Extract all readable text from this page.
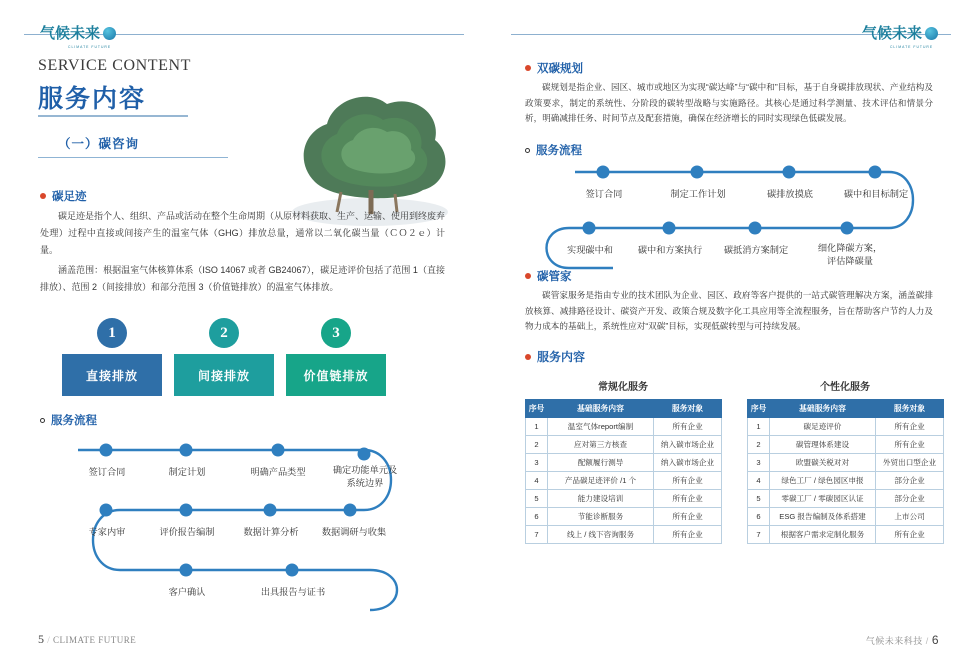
气候未来
CLIMATE FUTURE
SERVICE CONTENT
服务内容
（一）碳咨询
碳足迹
碳足迹是指个人、组织、产品或活动在整个生命周期（从原材料获取、生产、运输、使用到终废弃处理）过程中直接或间接产生的温室气体（GHG）排放总量，通常以二氧化碳当量（ＣＯ２ｅ）计量。
涵盖范围：根据温室气体核算体系（ISO 14067 或者 GB24067），碳足迹评价包括了范围 1（直接排放）、范围 2（间接排放）和部分范围 3（价值链排放）的温室气体排放。
1
直接排放
2
间接排放
3
价值链排放
服务流程
签订合同	制定计划	明确产品类型	确定功能单元及 系统边界
专家内审	评价报告编制	数据计算分析	数据调研与收集
客户确认	出具报告与证书
5 / CLIMATE FUTURE
气候未来
CLIMATE FUTURE
双碳规划
碳规划是指企业、园区、城市或地区为实现“碳达峰”与“碳中和”目标，基于自身碳排放现状、产业结构及政策要求，制定的系统性、分阶段的碳转型战略与实施路径。其核心是通过科学测量、技术评估和情景分析，明确减排任务、时间节点及配套措施，确保在经济增长的同时实现绿色低碳发展。
服务流程
签订合同	制定工作计划	碳排放摸底	碳中和目标制定
实现碳中和	碳中和方案执行	碳抵消方案制定	细化降碳方案， 评估降碳量
碳管家
碳管家服务是指由专业的技术团队为企业、园区、政府等客户提供的一站式碳管理解决方案，涵盖碳排放核算、减排路径设计、碳资产开发、政策合规及数字化工具应用等全流程服务，旨在帮助客户节约人力及物力成本的基础上，系统性应对“双碳”目标，实现低碳转型与可持续发展。
服务内容
常规化服务
序号	基础服务内容	服务对象
1	温室气体report编制	所有企业
2	应对第三方核查	纳入碳市场企业
3	配额履行测导	纳入碳市场企业
4	产品碳足迹评价 /1 个	所有企业
5	能力建设培训	所有企业
6	节能诊断服务	所有企业
7	线上 / 线下咨询服务	所有企业
个性化服务
序号	基础服务内容	服务对象
1	碳足迹评价	所有企业
2	碳管理体系建设	所有企业
3	欧盟碳关税对对	外贸出口型企业
4	绿色工厂 / 绿色园区申报	部分企业
5	零碳工厂 / 零碳园区认证	部分企业
6	ESG 报告编制及体系搭建	上市公司
7	根据客户需求定制化服务	所有企业
气候未来科技 / 6
